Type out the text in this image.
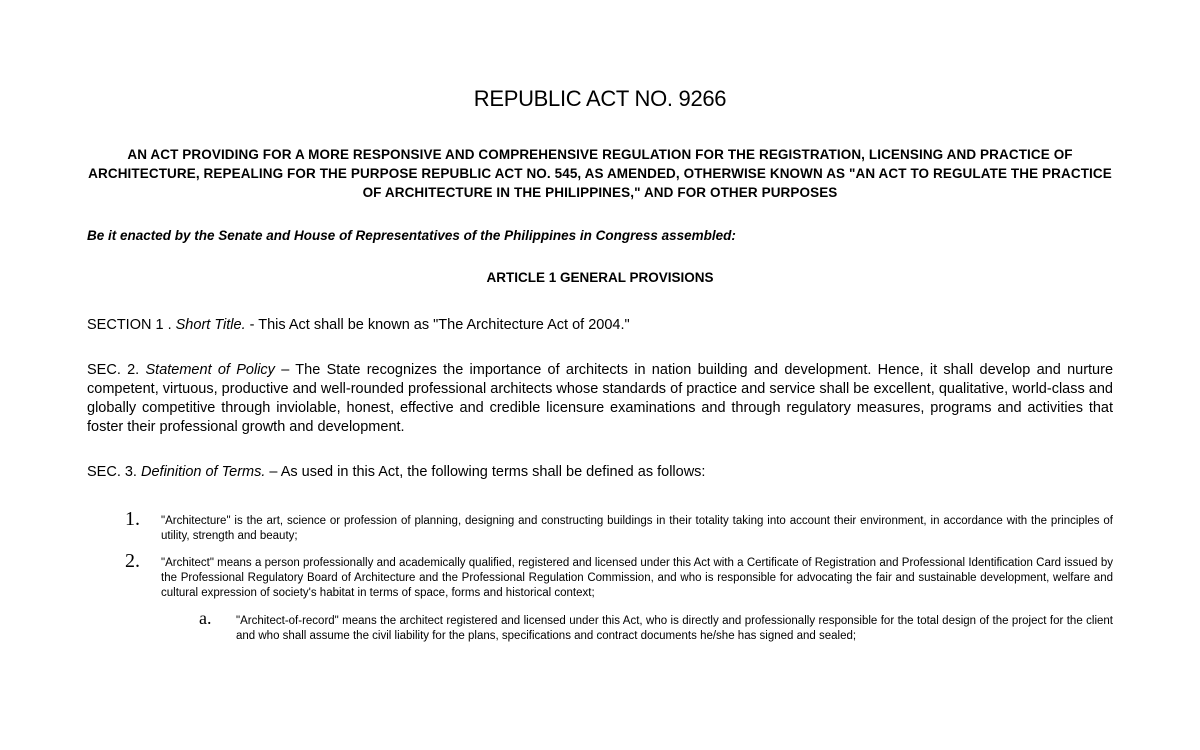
REPUBLIC ACT NO. 9266
AN ACT PROVIDING FOR A MORE RESPONSIVE AND COMPREHENSIVE REGULATION FOR THE REGISTRATION, LICENSING AND PRACTICE OF ARCHITECTURE, REPEALING FOR THE PURPOSE REPUBLIC ACT NO. 545, AS AMENDED, OTHERWISE KNOWN AS "AN ACT TO REGULATE THE PRACTICE OF ARCHITECTURE IN THE PHILIPPINES," AND FOR OTHER PURPOSES
Be it enacted by the Senate and House of Representatives of the Philippines in Congress assembled:
ARTICLE 1 GENERAL PROVISIONS
SECTION 1 . Short Title. - This Act shall be known as "The Architecture Act of 2004."
SEC. 2. Statement of Policy – The State recognizes the importance of architects in nation building and development. Hence, it shall develop and nurture competent, virtuous, productive and well-rounded professional architects whose standards of practice and service shall be excellent, qualitative, world-class and globally competitive through inviolable, honest, effective and credible licensure examinations and through regulatory measures, programs and activities that foster their professional growth and development.
SEC. 3. Definition of Terms. – As used in this Act, the following terms shall be defined as follows:
1. "Architecture" is the art, science or profession of planning, designing and constructing buildings in their totality taking into account their environment, in accordance with the principles of utility, strength and beauty;
2. "Architect" means a person professionally and academically qualified, registered and licensed under this Act with a Certificate of Registration and Professional Identification Card issued by the Professional Regulatory Board of Architecture and the Professional Regulation Commission, and who is responsible for advocating the fair and sustainable development, welfare and cultural expression of society's habitat in terms of space, forms and historical context;
a. "Architect-of-record" means the architect registered and licensed under this Act, who is directly and professionally responsible for the total design of the project for the client and who shall assume the civil liability for the plans, specifications and contract documents he/she has signed and sealed;
